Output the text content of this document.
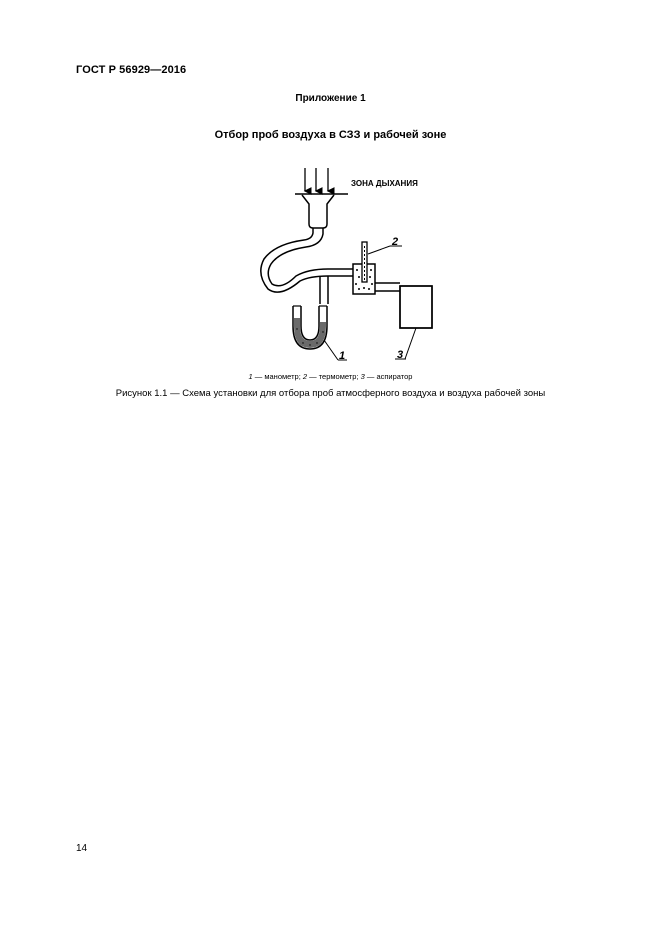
ГОСТ Р 56929—2016
Приложение 1
Отбор проб воздуха в СЗЗ и рабочей зоне
ЗОНА ДЫХАНИЯ
2
1	3
1 — манометр; 2 — термометр; 3 — аспиратор
Рисунок 1.1 — Схема установки для отбора проб атмосферного воздуха и воздуха рабочей зоны
14
